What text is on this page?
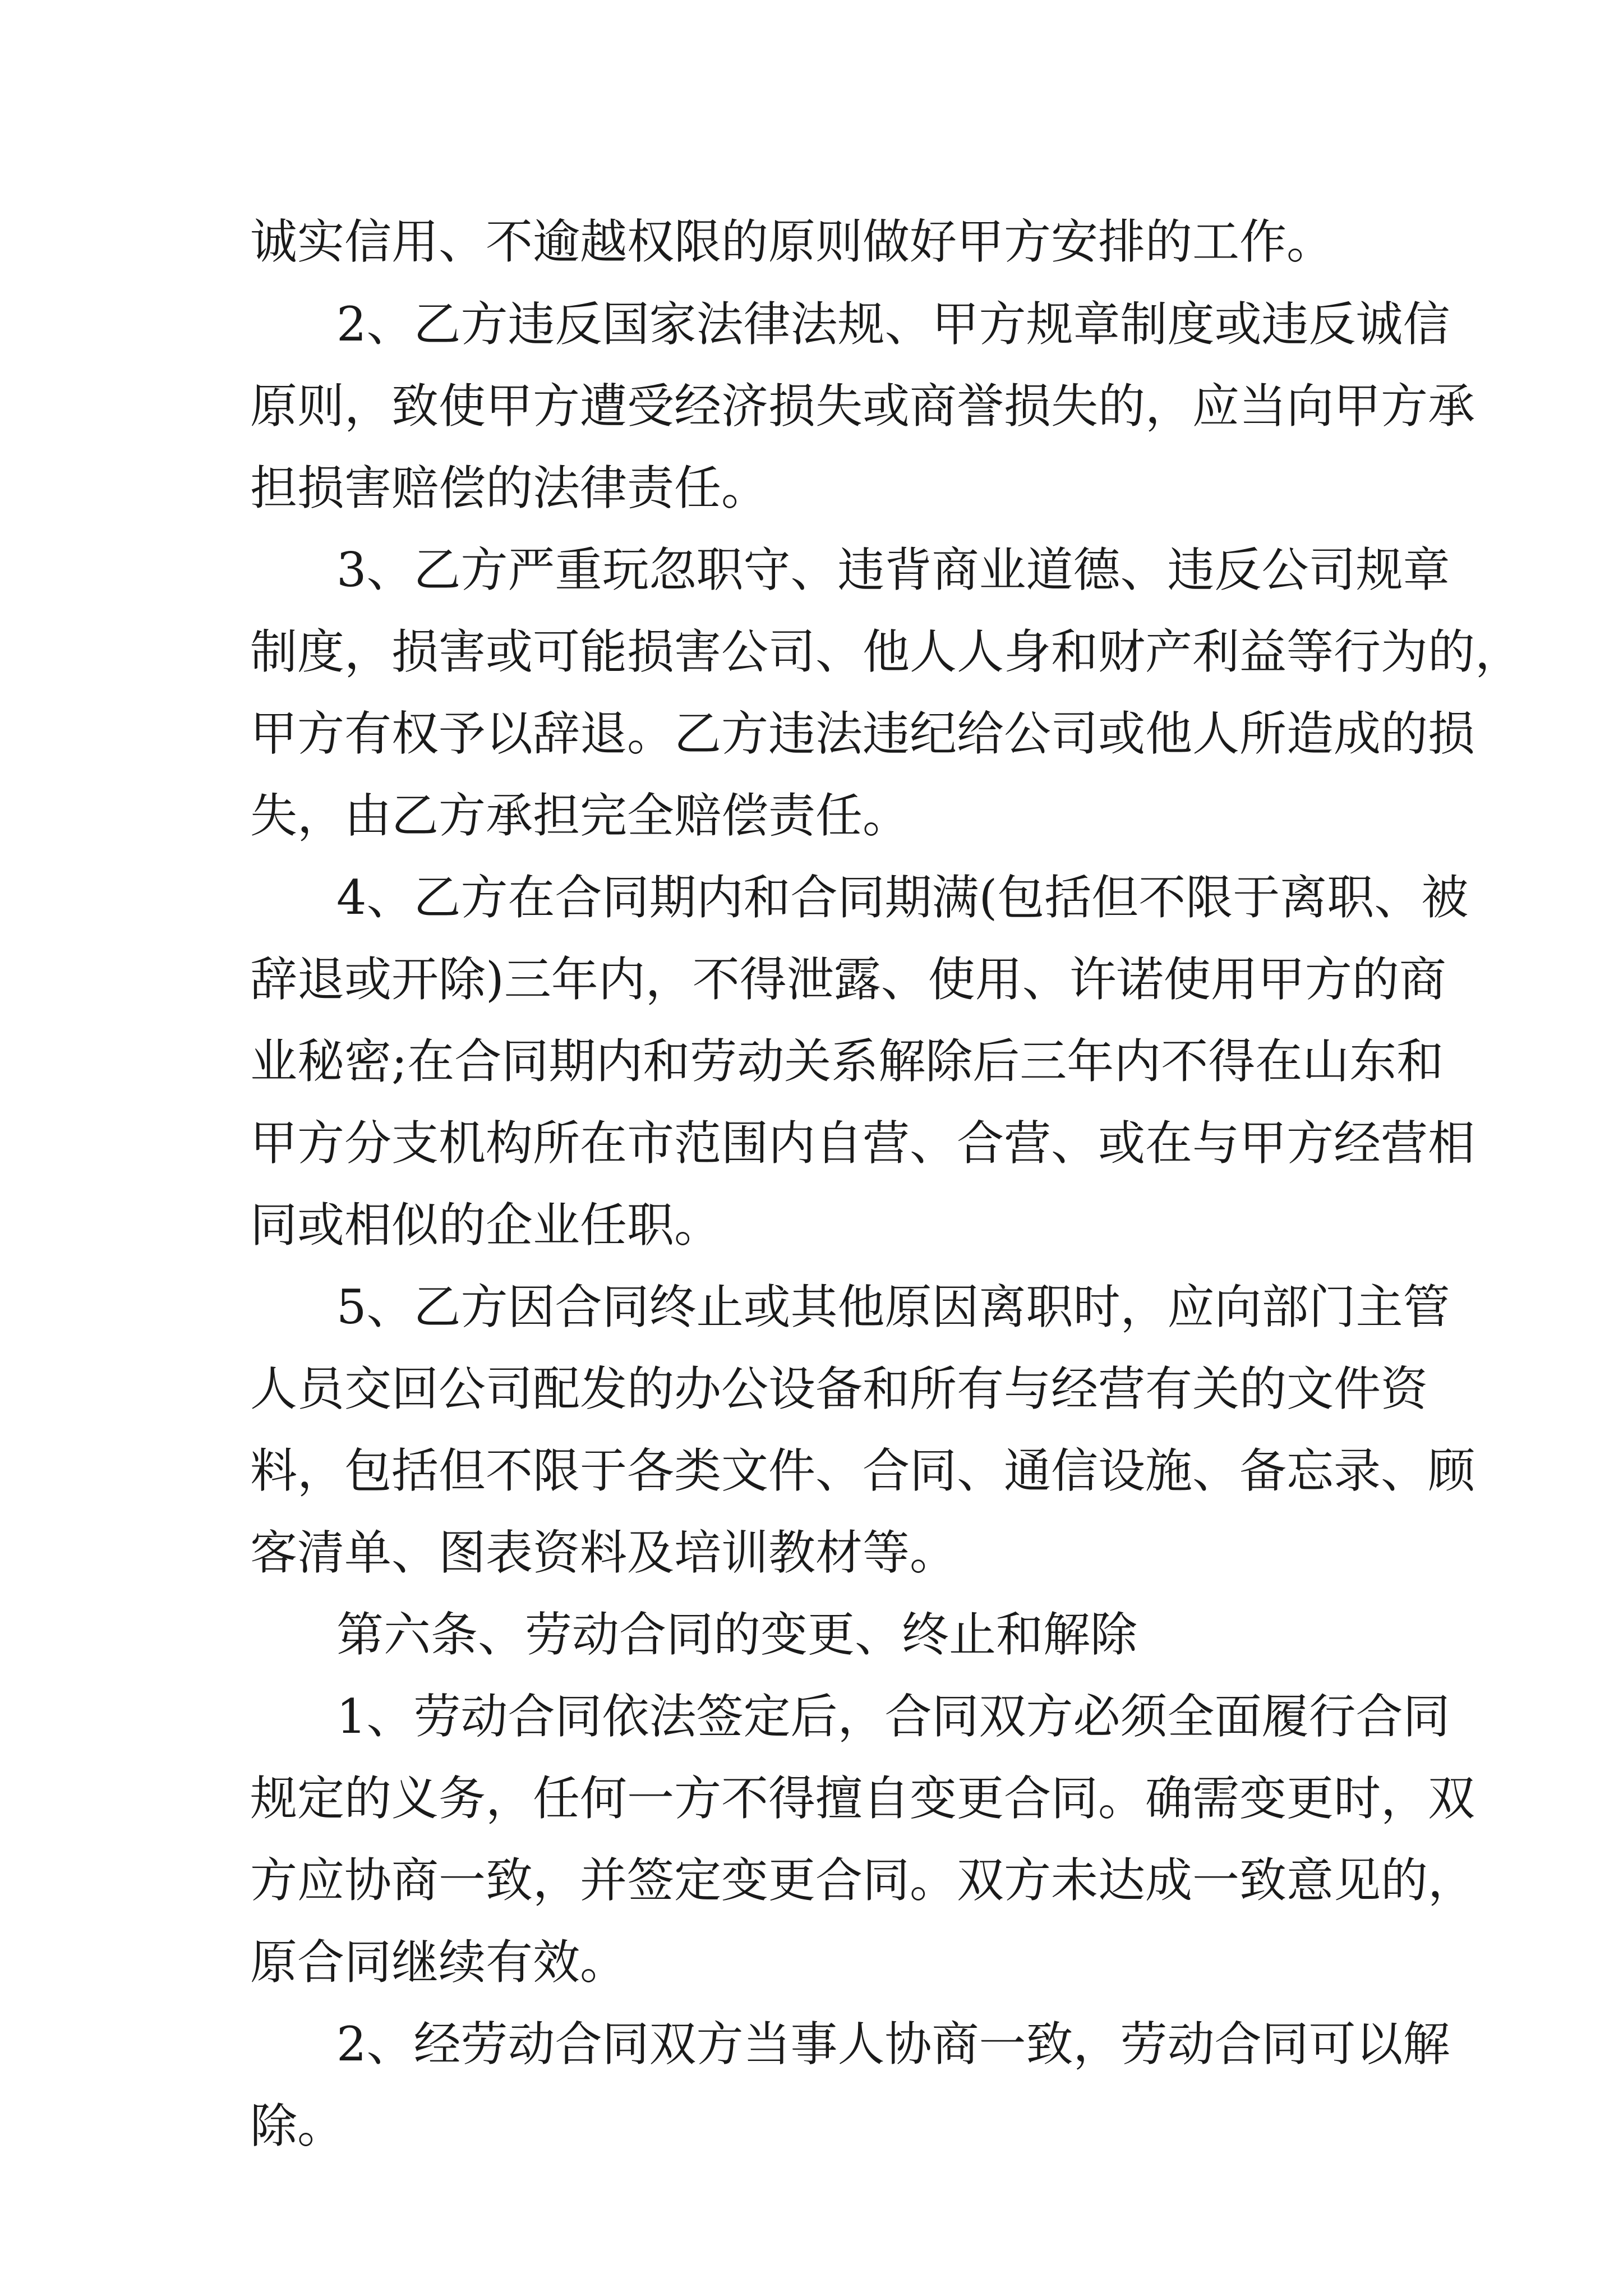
诚实信用、不逾越权限的原则做好甲方安排的工作。
2、乙方违反国家法律法规、甲方规章制度或违反诚信
原则，致使甲方遭受经济损失或商誉损失的，应当向甲方承
担损害赔偿的法律责任。
3、乙方严重玩忽职守、违背商业道德、违反公司规章
制度，损害或可能损害公司、他人人身和财产利益等行为的，
甲方有权予以辞退。乙方违法违纪给公司或他人所造成的损
失，由乙方承担完全赔偿责任。
4、乙方在合同期内和合同期满(包括但不限于离职、被
辞退或开除)三年内，不得泄露、使用、许诺使用甲方的商
业秘密;在合同期内和劳动关系解除后三年内不得在山东和
甲方分支机构所在市范围内自营、合营、或在与甲方经营相
同或相似的企业任职。
5、乙方因合同终止或其他原因离职时，应向部门主管
人员交回公司配发的办公设备和所有与经营有关的文件资
料，包括但不限于各类文件、合同、通信设施、备忘录、顾
客清单、图表资料及培训教材等。
第六条、劳动合同的变更、终止和解除
1、劳动合同依法签定后，合同双方必须全面履行合同
规定的义务，任何一方不得擅自变更合同。确需变更时，双
方应协商一致，并签定变更合同。双方未达成一致意见的，
原合同继续有效。
2、经劳动合同双方当事人协商一致，劳动合同可以解
除。
